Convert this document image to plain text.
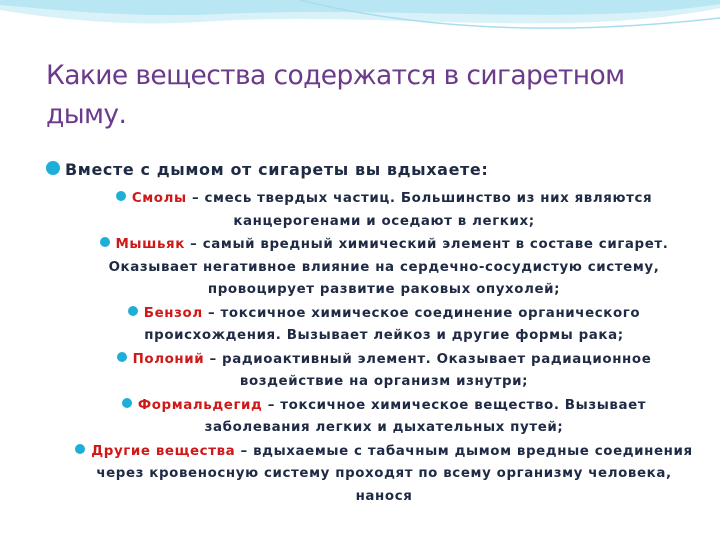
Какие вещества содержатся в сигаретном дыму.
Вместе с дымом от сигареты вы вдыхаете:
Смолы – смесь твердых частиц. Большинство из них являются канцерогенами и оседают в легких;
Мышьяк – самый вредный химический элемент в составе сигарет. Оказывает негативное влияние на сердечно-сосудистую систему, провоцирует развитие раковых опухолей;
Бензол – токсичное химическое соединение органического происхождения. Вызывает лейкоз и другие формы рака;
Полоний – радиоактивный элемент. Оказывает радиационное воздействие на организм изнутри;
Формальдегид – токсичное химическое вещество. Вызывает заболевания легких и дыхательных путей;
Другие вещества – вдыхаемые с табачным дымом вредные соединения через кровеносную систему проходят по всему организму человека, нанося
